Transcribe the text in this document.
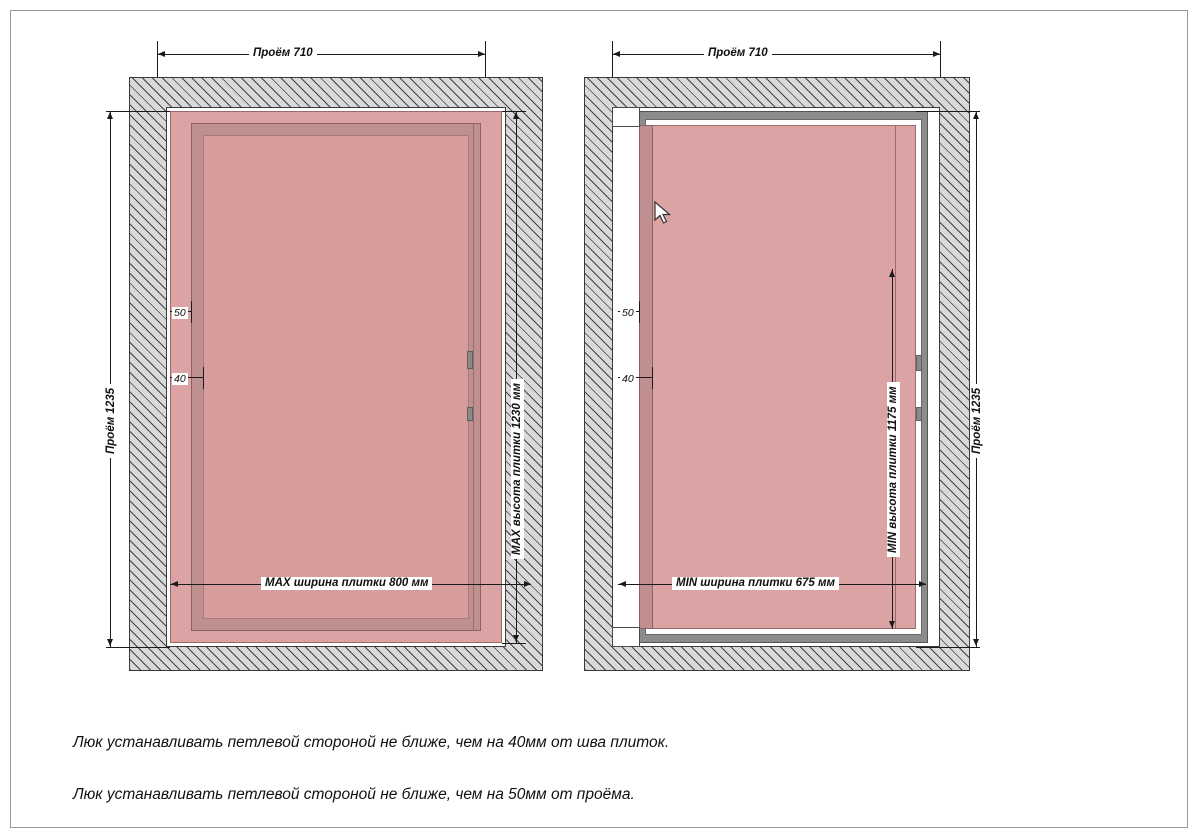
Проём 710
Проём 1235
50
40
MAX высота плитки 1230 мм
MAX ширина плитки 800 мм
Проём 710
50
40
MIN высота плитки 1175 мм	Проём 1235
MIN ширина плитки 675 мм
Люк устанавливать петлевой стороной не ближе, чем на 40мм от шва плиток.
Люк устанавливать петлевой стороной не ближе, чем на 50мм от проёма.
